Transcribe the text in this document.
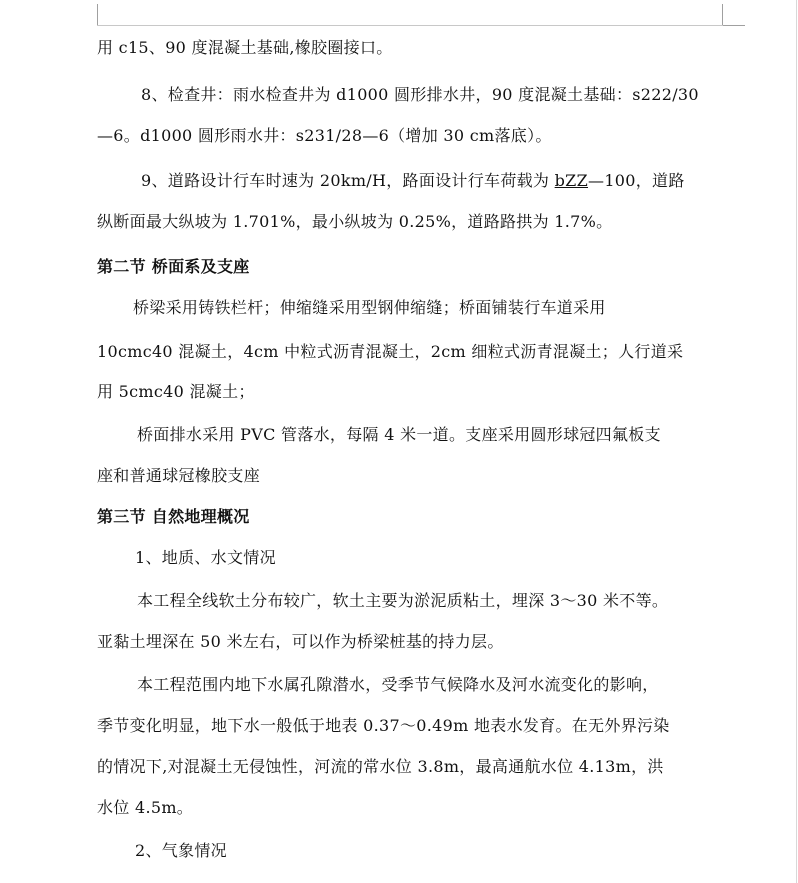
用 c15、90 度混凝土基础,橡胶圈接口。
8、检查井：雨水检查井为 d1000 圆形排水井，90 度混凝土基础：s222/30
—6。d1000 圆形雨水井：s231/28—6（增加 30 cm落底）。
9、道路设计行车时速为 20km/H，路面设计行车荷载为 bZZ—100，道路
纵断面最大纵坡为 1.701%，最小纵坡为 0.25%，道路路拱为 1.7%。
第二节 桥面系及支座
桥梁采用铸铁栏杆；伸缩缝采用型钢伸缩缝；桥面铺装行车道采用
10cmc40 混凝土，4cm 中粒式沥青混凝土，2cm 细粒式沥青混凝土；人行道采
用 5cmc40 混凝土；
桥面排水采用 PVC 管落水，每隔 4 米一道。支座采用圆形球冠四氟板支
座和普通球冠橡胶支座
第三节 自然地理概况
1、地质、水文情况
本工程全线软土分布较广，软土主要为淤泥质粘土，埋深 3～30 米不等。
亚黏土埋深在 50 米左右，可以作为桥梁桩基的持力层。
本工程范围内地下水属孔隙潜水，受季节气候降水及河水流变化的影响，
季节变化明显，地下水一般低于地表 0.37～0.49m 地表水发育。在无外界污染
的情况下,对混凝土无侵蚀性，河流的常水位 3.8m，最高通航水位 4.13m，洪
水位 4.5m。
2、气象情况
